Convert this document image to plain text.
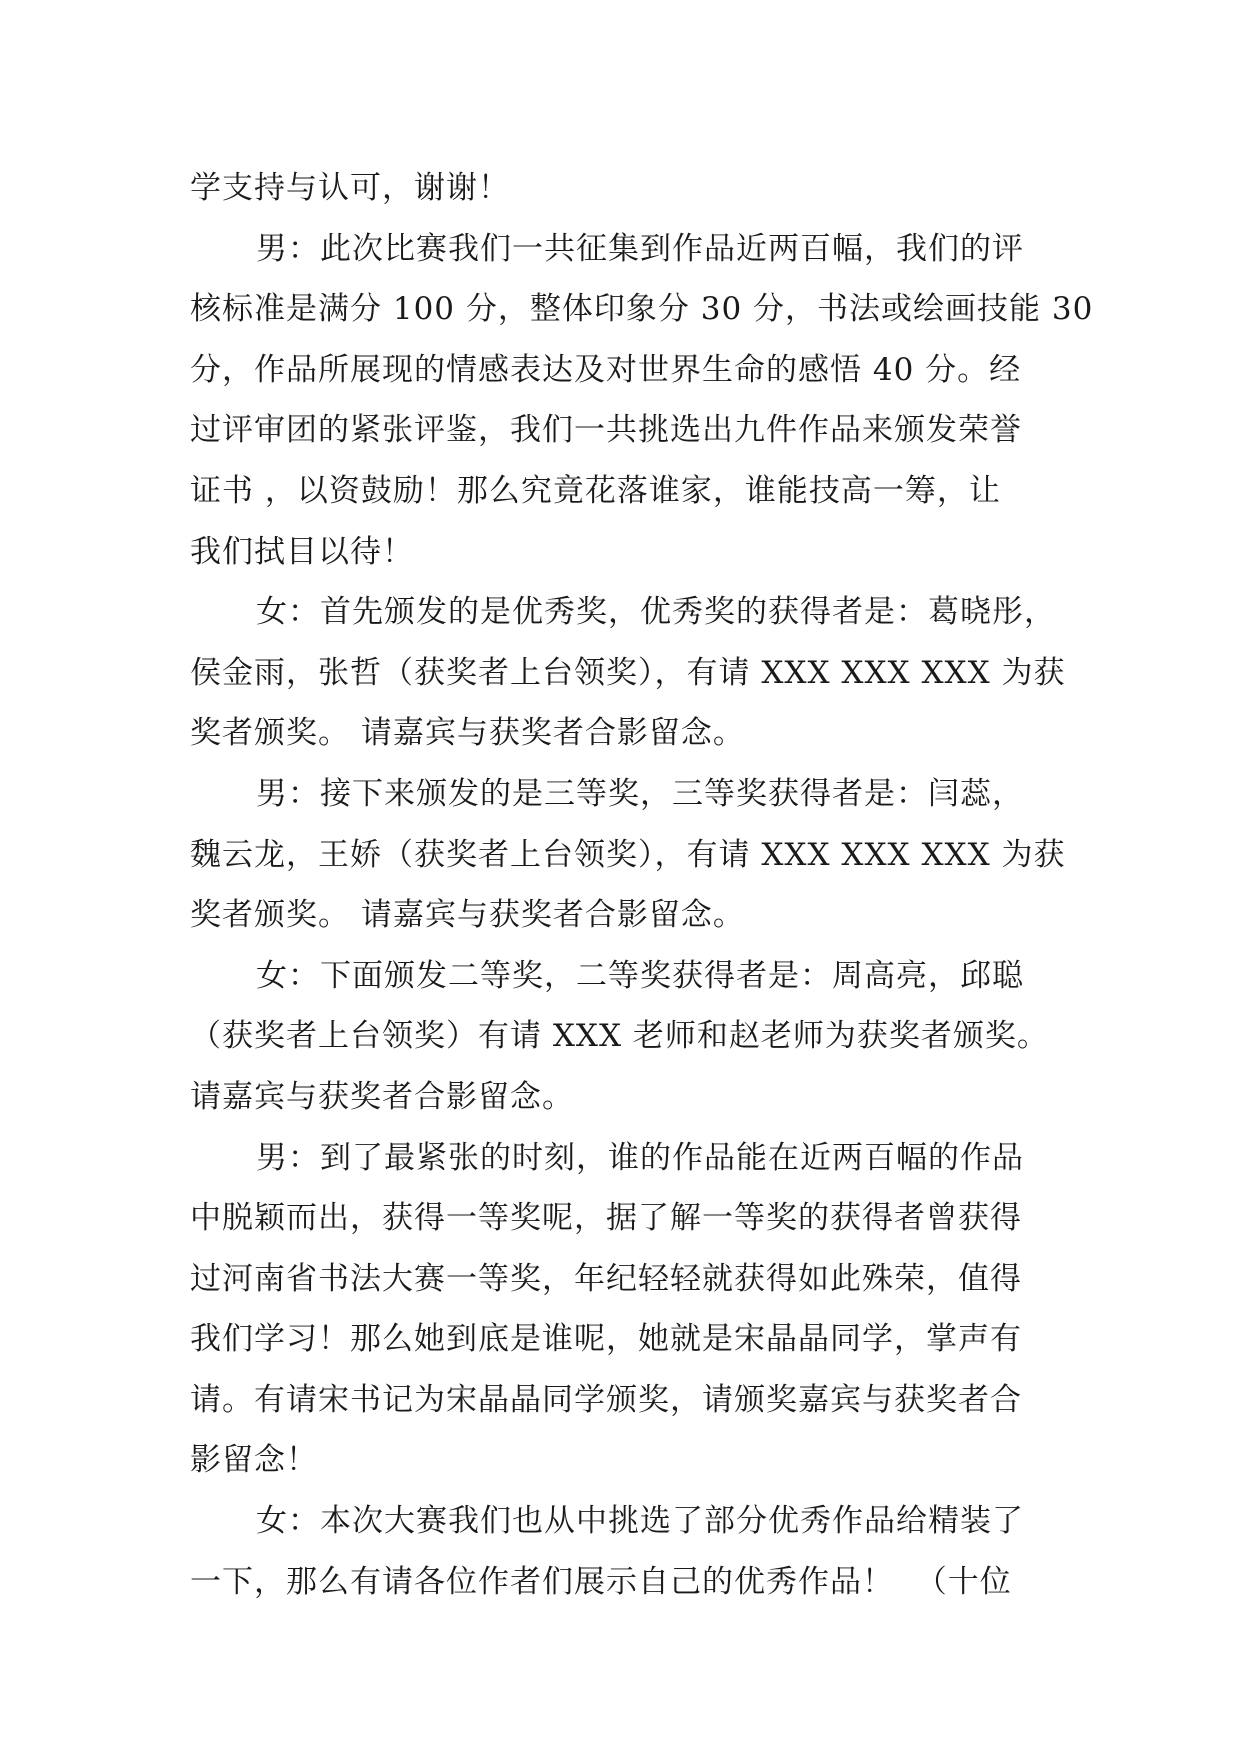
学支持与认可，谢谢！
男：此次比赛我们一共征集到作品近两百幅，我们的评
核标准是满分 100 分，整体印象分 30 分，书法或绘画技能 30
分，作品所展现的情感表达及对世界生命的感悟 40 分。经
过评审团的紧张评鉴，我们一共挑选出九件作品来颁发荣誉
证书 ，以资鼓励！那么究竟花落谁家，谁能技高一筹，让
我们拭目以待！
女：首先颁发的是优秀奖，优秀奖的获得者是：葛晓彤，
侯金雨，张哲（获奖者上台领奖），有请 XXX XXX XXX 为获
奖者颁奖。 请嘉宾与获奖者合影留念。
男：接下来颁发的是三等奖，三等奖获得者是：闫蕊，
魏云龙，王娇（获奖者上台领奖），有请 XXX XXX XXX 为获
奖者颁奖。 请嘉宾与获奖者合影留念。
女：下面颁发二等奖，二等奖获得者是：周高亮，邱聪
（获奖者上台领奖）有请 XXX 老师和赵老师为获奖者颁奖。
请嘉宾与获奖者合影留念。
男：到了最紧张的时刻，谁的作品能在近两百幅的作品
中脱颖而出，获得一等奖呢，据了解一等奖的获得者曾获得
过河南省书法大赛一等奖，年纪轻轻就获得如此殊荣，值得
我们学习！那么她到底是谁呢，她就是宋晶晶同学，掌声有
请。有请宋书记为宋晶晶同学颁奖，请颁奖嘉宾与获奖者合
影留念！
女：本次大赛我们也从中挑选了部分优秀作品给精装了
一下，那么有请各位作者们展示自己的优秀作品！  （十位
